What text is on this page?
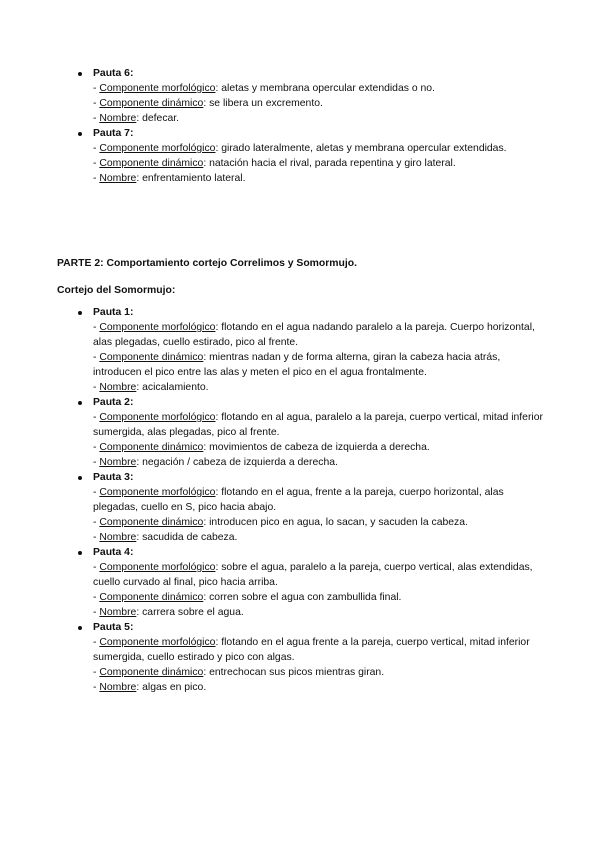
Pauta 6:
- Componente morfológico: aletas y membrana opercular extendidas o no.
- Componente dinámico: se libera un excremento.
- Nombre: defecar.
Pauta 7:
- Componente morfológico: girado lateralmente, aletas y membrana opercular extendidas.
- Componente dinámico: natación hacia el rival, parada repentina y giro lateral.
- Nombre: enfrentamiento lateral.
PARTE 2: Comportamiento cortejo Correlimos y Somormujo.
Cortejo del Somormujo:
Pauta 1:
- Componente morfológico: flotando en el agua nadando paralelo a la pareja. Cuerpo horizontal, alas plegadas, cuello estirado, pico al frente.
- Componente dinámico: mientras nadan y de forma alterna, giran la cabeza hacia atrás, introducen el pico entre las alas y meten el pico en el agua frontalmente.
- Nombre: acicalamiento.
Pauta 2:
- Componente morfológico: flotando en al agua, paralelo a la pareja, cuerpo vertical, mitad inferior sumergida, alas plegadas, pico al frente.
- Componente dinámico: movimientos de cabeza de izquierda a derecha.
- Nombre: negación / cabeza de izquierda a derecha.
Pauta 3:
- Componente morfológico: flotando en el agua, frente a la pareja, cuerpo horizontal, alas plegadas, cuello en S, pico hacia abajo.
- Componente dinámico: introducen pico en agua, lo sacan, y sacuden la cabeza.
- Nombre: sacudida de cabeza.
Pauta 4:
- Componente morfológico: sobre el agua, paralelo a la pareja, cuerpo vertical, alas extendidas, cuello curvado al final, pico hacia arriba.
- Componente dinámico: corren sobre el agua con zambullida final.
- Nombre: carrera sobre el agua.
Pauta 5:
- Componente morfológico: flotando en el agua frente a la pareja, cuerpo vertical, mitad inferior sumergida, cuello estirado y pico con algas.
- Componente dinámico: entrechocan sus picos mientras giran.
- Nombre: algas en pico.
